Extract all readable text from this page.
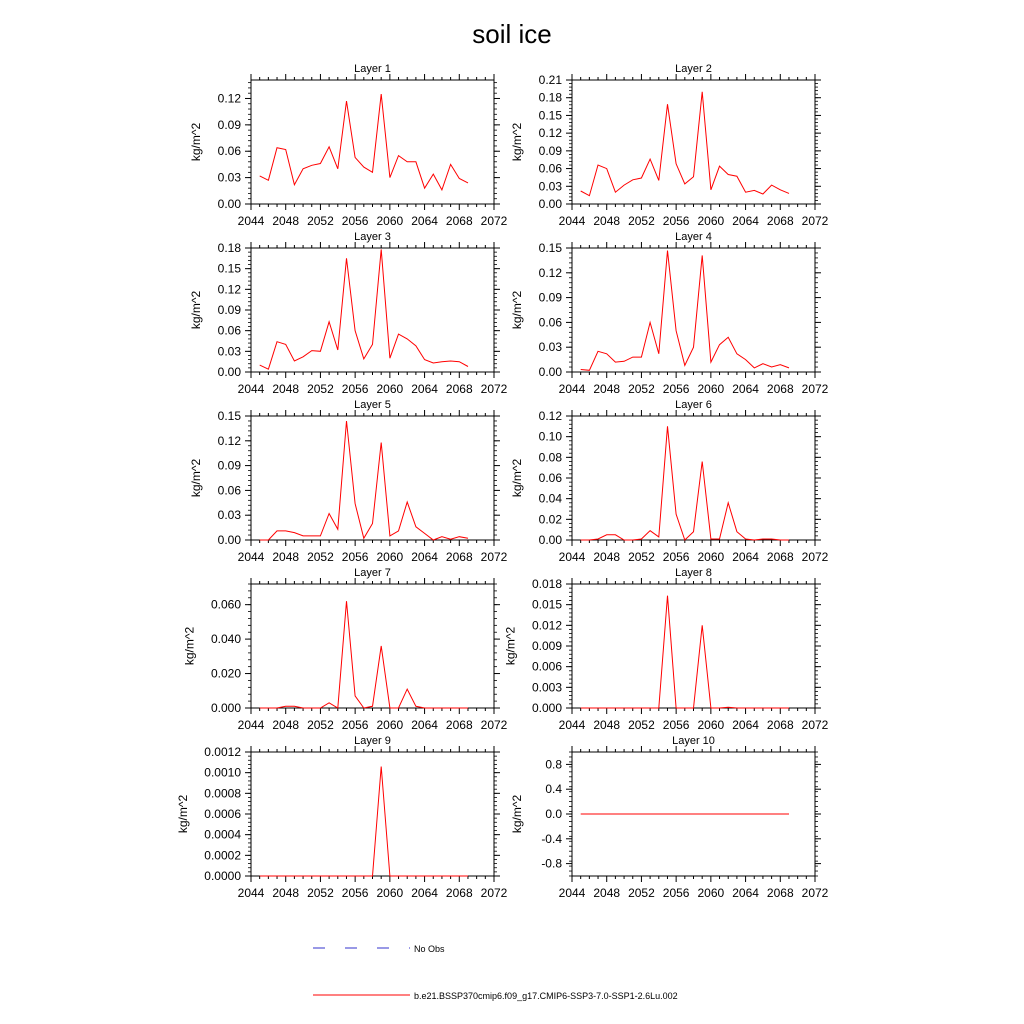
soil ice
Layer 1
2044 2048 2052 2056 2060 2064 2068 2072
0.00
0.03
0.06
0.09
0.12
kg/m^2
Layer 2
2044 2048 2052 2056 2060 2064 2068 2072
0.00
0.03
0.06
0.09
0.12
0.15
0.18
0.21
kg/m^2
Layer 3
2044 2048 2052 2056 2060 2064 2068 2072
0.00
0.03
0.06
0.09
0.12
0.15
0.18
kg/m^2
Layer 4
2044 2048 2052 2056 2060 2064 2068 2072
0.00
0.03
0.06
0.09
0.12
0.15
kg/m^2
Layer 5
2044 2048 2052 2056 2060 2064 2068 2072
0.00
0.03
0.06
0.09
0.12
0.15
kg/m^2
Layer 6
2044 2048 2052 2056 2060 2064 2068 2072
0.00
0.02
0.04
0.06
0.08
0.10
0.12
kg/m^2
Layer 7
2044 2048 2052 2056 2060 2064 2068 2072
0.000
0.020
0.040
0.060
kg/m^2
Layer 8
2044 2048 2052 2056 2060 2064 2068 2072
0.000
0.003
0.006
0.009
0.012
0.015
0.018
kg/m^2
Layer 9
2044 2048 2052 2056 2060 2064 2068 2072
0.0000
0.0002
0.0004
0.0006
0.0008
0.0010
0.0012
kg/m^2
Layer 10
2044 2048 2052 2056 2060 2064 2068 2072
-0.8
-0.4
0.0
0.4
0.8
kg/m^2
No Obs
b.e21.BSSP370cmip6.f09_g17.CMIP6-SSP3-7.0-SSP1-2.6Lu.002
